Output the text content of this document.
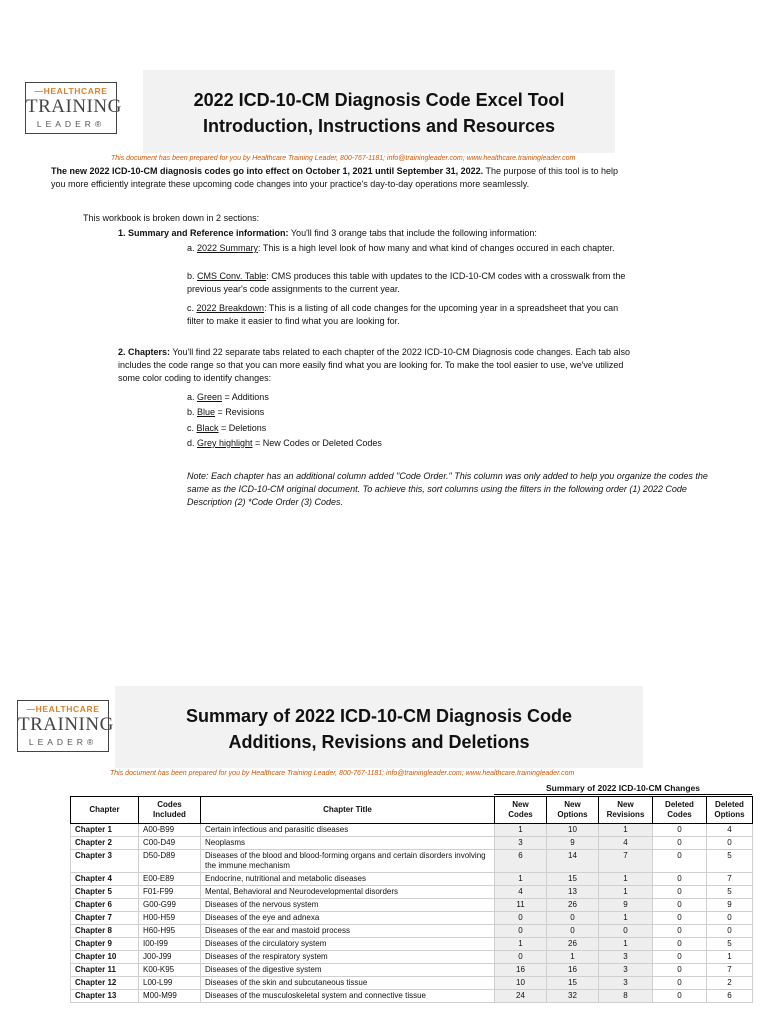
—HEALTHCARE
TRAINING
LEADER®
2022 ICD-10-CM Diagnosis Code Excel Tool
Introduction, Instructions and Resources
This document has been prepared for you by Healthcare Training Leader, 800-767-1181; info@trainingleader.com; www.healthcare.trainingleader.com
The new 2022 ICD-10-CM diagnosis codes go into effect on October 1, 2021 until September 31, 2022. The purpose of this tool is to help you more efficiently integrate these upcoming code changes into your practice's day-to-day operations more seamlessly.
This workbook is broken down in 2 sections:
1. Summary and Reference information: You'll find 3 orange tabs that include the following information:
a. 2022 Summary: This is a high level look of how many and what kind of changes occured in each chapter.
b. CMS Conv. Table: CMS produces this table with updates to the ICD-10-CM codes with a crosswalk from the previous year's code assignments to the current year.
c. 2022 Breakdown: This is a listing of all code changes for the upcoming year in a spreadsheet that you can filter to make it easier to find what you are looking for.
2. Chapters: You'll find 22 separate tabs related to each chapter of the 2022 ICD-10-CM Diagnosis code changes. Each tab also includes the code range so that you can more easily find what you are looking for. To make the tool easier to use, we've utilized some color coding to identify changes:
a. Green = Additions
b. Blue = Revisions
c. Black = Deletions
d. Grey highlight = New Codes or Deleted Codes
Note: Each chapter has an additional column added "Code Order." This column was only added to help you organize the codes the same as the ICD-10-CM original document. To achieve this, sort columns using the filters in the following order (1) 2022 Code Description (2) *Code Order (3) Codes.
—HEALTHCARE
TRAINING
LEADER®
Summary of 2022 ICD-10-CM Diagnosis Code
Additions, Revisions and Deletions
This document has been prepared for you by Healthcare Training Leader, 800-767-1181; info@trainingleader.com; www.healthcare.trainingleader.com
Summary of 2022 ICD-10-CM Changes
Chapter	Codes Included	Chapter Title	New Codes	New Options	New Revisions	Deleted Codes	Deleted Options
Chapter 1	A00-B99	Certain infectious and parasitic diseases	1	10	1	0	4
Chapter 2	C00-D49	Neoplasms	3	9	4	0	0
Chapter 3	D50-D89	Diseases of the blood and blood-forming organs and certain disorders involving the immune mechanism	6	14	7	0	5
Chapter 4	E00-E89	Endocrine, nutritional and metabolic diseases	1	15	1	0	7
Chapter 5	F01-F99	Mental, Behavioral and Neurodevelopmental disorders	4	13	1	0	5
Chapter 6	G00-G99	Diseases of the nervous system	11	26	9	0	9
Chapter 7	H00-H59	Diseases of the eye and adnexa	0	0	1	0	0
Chapter 8	H60-H95	Diseases of the ear and mastoid process	0	0	0	0	0
Chapter 9	I00-I99	Diseases of the circulatory system	1	26	1	0	5
Chapter 10	J00-J99	Diseases of the respiratory system	0	1	3	0	1
Chapter 11	K00-K95	Diseases of the digestive system	16	16	3	0	7
Chapter 12	L00-L99	Diseases of the skin and subcutaneous tissue	10	15	3	0	2
Chapter 13	M00-M99	Diseases of the musculoskeletal system and connective tissue	24	32	8	0	6
